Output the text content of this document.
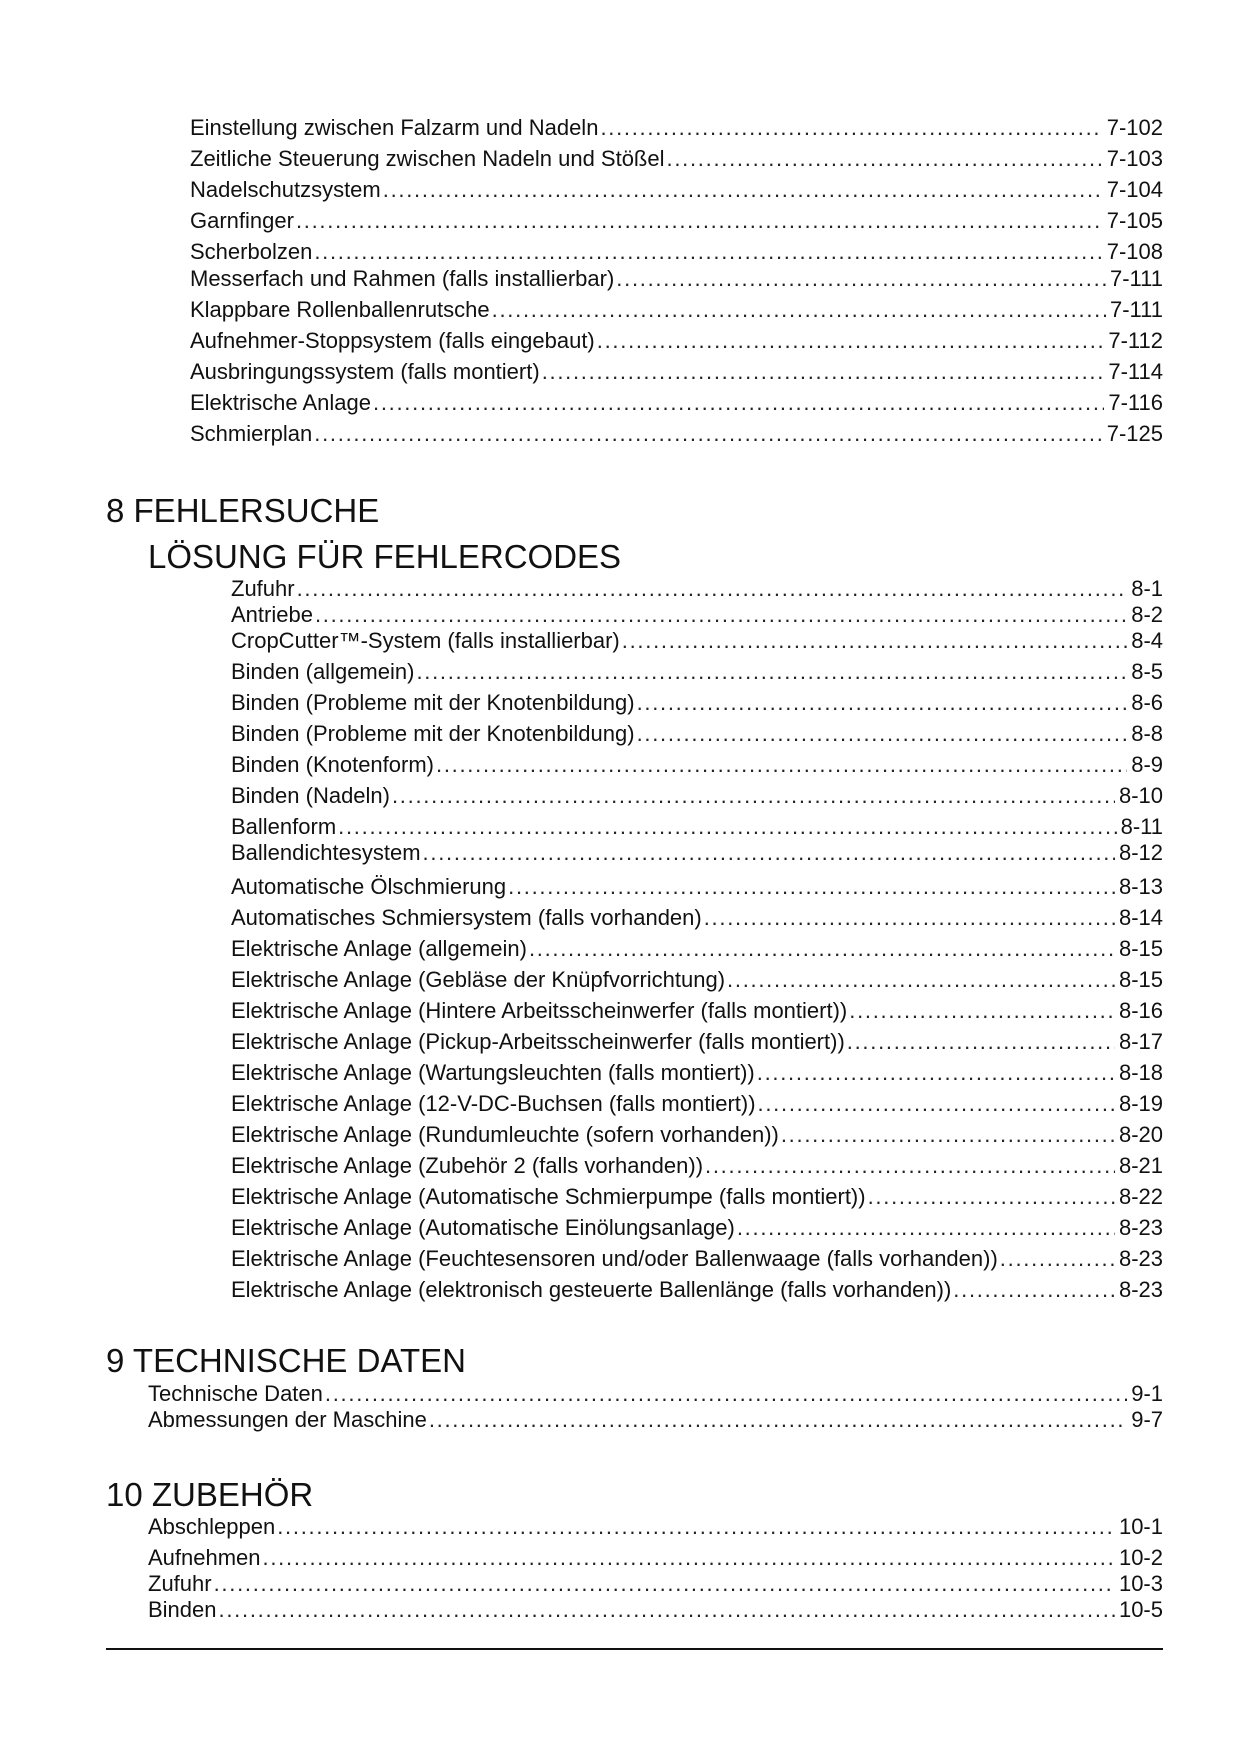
Einstellung zwischen Falzarm und Nadeln . . .	7-102
Zeitliche Steuerung zwischen Nadeln und Stößel . . .	7-103
Nadelschutzsystem . . .	7-104
Garnfinger . . .	7-105
Scherbolzen . . .	7-108
Messerfach und Rahmen (falls installierbar) . . .	7-111
Klappbare Rollenballenrutsche . . .	7-111
Aufnehmer-Stoppsystem (falls eingebaut) . . .	7-112
Ausbringungssystem (falls montiert) . . .	7-114
Elektrische Anlage . . .	7-116
Schmierplan . . .	7-125
8 FEHLERSUCHE
LÖSUNG FÜR FEHLERCODES
Zufuhr . . .	8-1
Antriebe . . .	8-2
CropCutter™-System (falls installierbar) . . .	8-4
Binden (allgemein) . . .	8-5
Binden (Probleme mit der Knotenbildung) . . .	8-6
Binden (Probleme mit der Knotenbildung) . . .	8-8
Binden (Knotenform) . . .	8-9
Binden (Nadeln) . . .	8-10
Ballenform . . .	8-11
Ballendichtesystem . . .	8-12
Automatische Ölschmierung . . .	8-13
Automatisches Schmiersystem (falls vorhanden) . . .	8-14
Elektrische Anlage (allgemein) . . .	8-15
Elektrische Anlage (Gebläse der Knüpfvorrichtung) . . .	8-15
Elektrische Anlage (Hintere Arbeitsscheinwerfer (falls montiert)) . . .	8-16
Elektrische Anlage (Pickup-Arbeitsscheinwerfer (falls montiert)) . . .	8-17
Elektrische Anlage (Wartungsleuchten (falls montiert)) . . .	8-18
Elektrische Anlage (12-V-DC-Buchsen (falls montiert)) . . .	8-19
Elektrische Anlage (Rundumleuchte (sofern vorhanden)) . . .	8-20
Elektrische Anlage (Zubehör 2 (falls vorhanden)) . . .	8-21
Elektrische Anlage (Automatische Schmierpumpe (falls montiert)) . . .	8-22
Elektrische Anlage (Automatische Einölungsanlage) . . .	8-23
Elektrische Anlage (Feuchtesensoren und/oder Ballenwaage (falls vorhanden)) . . .	8-23
Elektrische Anlage (elektronisch gesteuerte Ballenlänge (falls vorhanden)) . . .	8-23
9 TECHNISCHE DATEN
Technische Daten . . .	9-1
Abmessungen der Maschine . . .	9-7
10 ZUBEHÖR
Abschleppen . . .	10-1
Aufnehmen . . .	10-2
Zufuhr . . .	10-3
Binden . . .	10-5
